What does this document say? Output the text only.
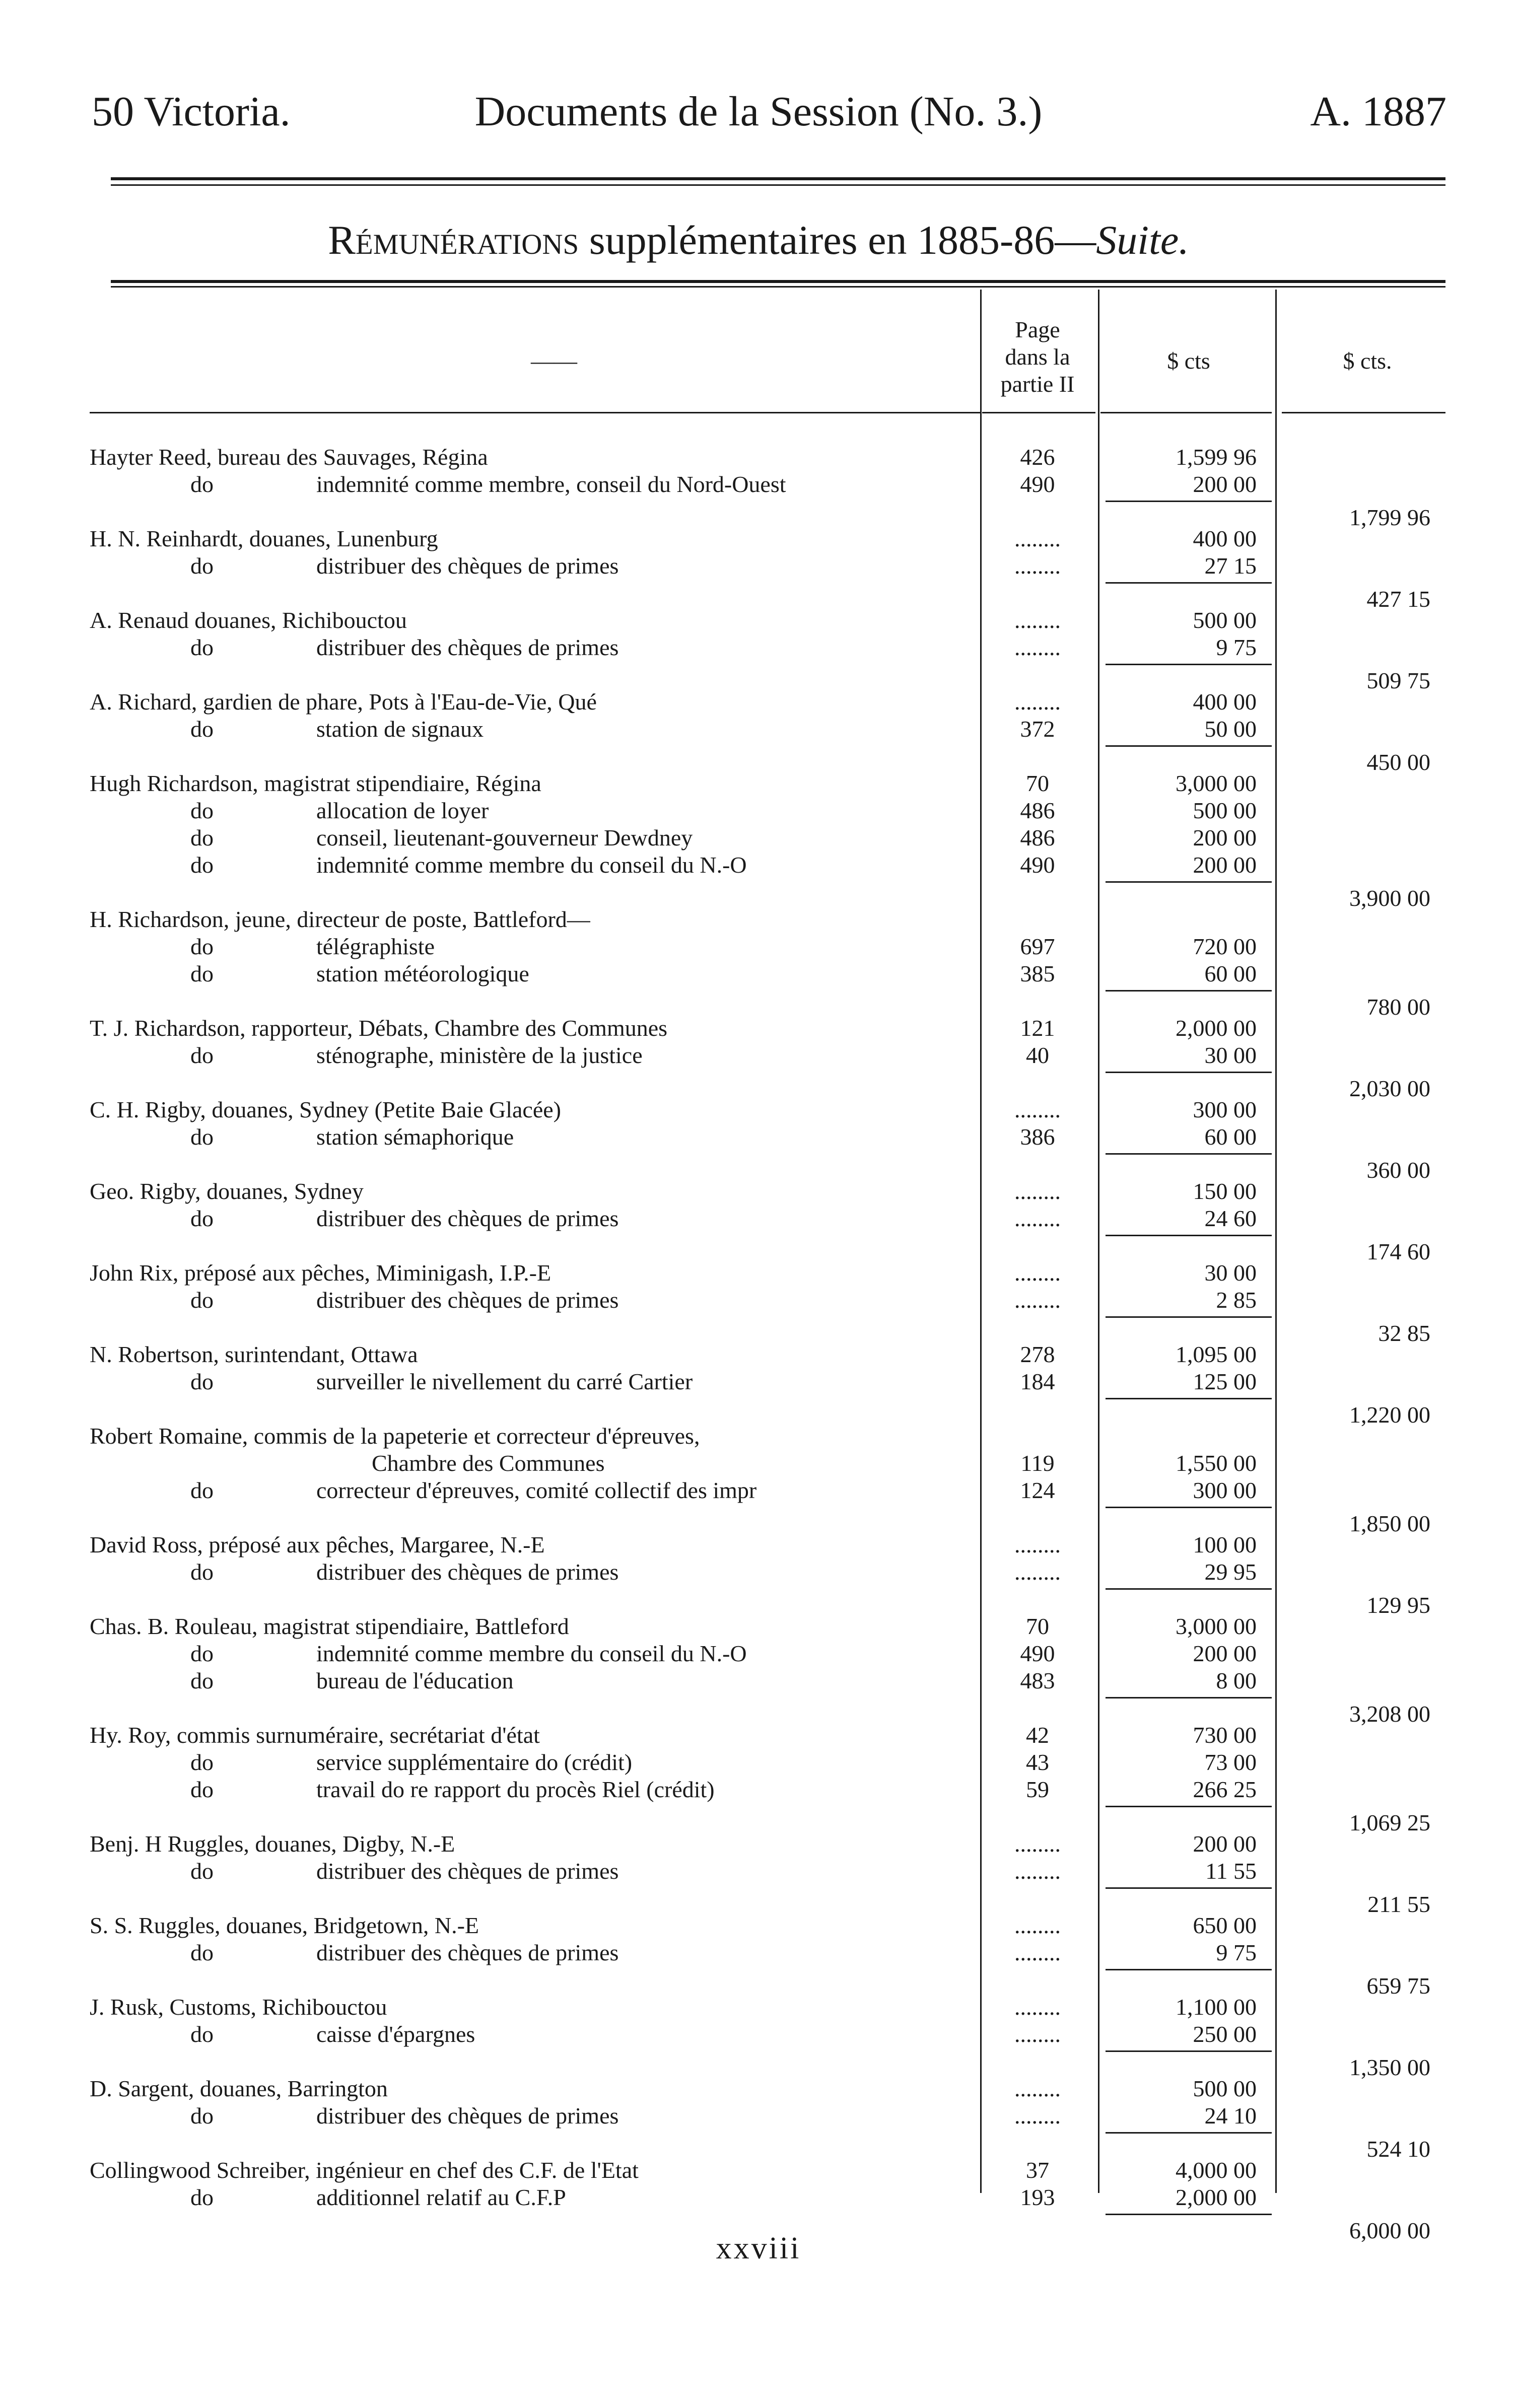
50 Victoria.	Documents de la Session (No. 3.)	A. 1887
Rémunérations supplémentaires en 1885-86—Suite.
——
Page
dans la
partie II
$ cts	$ cts.
Hayter Reed, bureau des Sauvages, Régina	426	1,599 96
do	indemnité comme membre, conseil du Nord-Ouest	490	200 00
1,799 96
H. N. Reinhardt, douanes, Lunenburg	........	400 00
do	distribuer des chèques de primes	........	27 15
427 15
A. Renaud douanes, Richibouctou	........	500 00
do	distribuer des chèques de primes	........	9 75
509 75
A. Richard, gardien de phare, Pots à l'Eau-de-Vie, Qué	........	400 00
do	station de signaux	372	50 00
450 00
Hugh Richardson, magistrat stipendiaire, Régina	70	3,000 00
do	allocation de loyer	486	500 00
do	conseil, lieutenant-gouverneur Dewdney	486	200 00
do	indemnité comme membre du conseil du N.-O	490	200 00
3,900 00
H. Richardson, jeune, directeur de poste, Battleford—
do	télégraphiste	697	720 00
do	station météorologique	385	60 00
780 00
T. J. Richardson, rapporteur, Débats, Chambre des Communes	121	2,000 00
do	sténographe, ministère de la justice	40	30 00
2,030 00
C. H. Rigby, douanes, Sydney (Petite Baie Glacée)	........	300 00
do	station sémaphorique	386	60 00
360 00
Geo. Rigby, douanes, Sydney	........	150 00
do	distribuer des chèques de primes	........	24 60
174 60
John Rix, préposé aux pêches, Miminigash, I.P.-E	........	30 00
do	distribuer des chèques de primes	........	2 85
32 85
N. Robertson, surintendant, Ottawa	278	1,095 00
do	surveiller le nivellement du carré Cartier	184	125 00
1,220 00
Robert Romaine, commis de la papeterie et correcteur d'épreuves,
Chambre des Communes	119	1,550 00
do	correcteur d'épreuves, comité collectif des impr	124	300 00
1,850 00
David Ross, préposé aux pêches, Margaree, N.-E	........	100 00
do	distribuer des chèques de primes	........	29 95
129 95
Chas. B. Rouleau, magistrat stipendiaire, Battleford	70	3,000 00
do	indemnité comme membre du conseil du N.-O	490	200 00
do	bureau de l'éducation	483	8 00
3,208 00
Hy. Roy, commis surnuméraire, secrétariat d'état	42	730 00
do	service supplémentaire do (crédit)	43	73 00
do	travail do re rapport du procès Riel (crédit)	59	266 25
1,069 25
Benj. H Ruggles, douanes, Digby, N.-E	........	200 00
do	distribuer des chèques de primes	........	11 55
211 55
S. S. Ruggles, douanes, Bridgetown, N.-E	........	650 00
do	distribuer des chèques de primes	........	9 75
659 75
J. Rusk, Customs, Richibouctou	........	1,100 00
do	caisse d'épargnes	........	250 00
1,350 00
D. Sargent, douanes, Barrington	........	500 00
do	distribuer des chèques de primes	........	24 10
524 10
Collingwood Schreiber, ingénieur en chef des C.F. de l'Etat	37	4,000 00
do	additionnel relatif au C.F.P	193	2,000 00
6,000 00
xxviii
